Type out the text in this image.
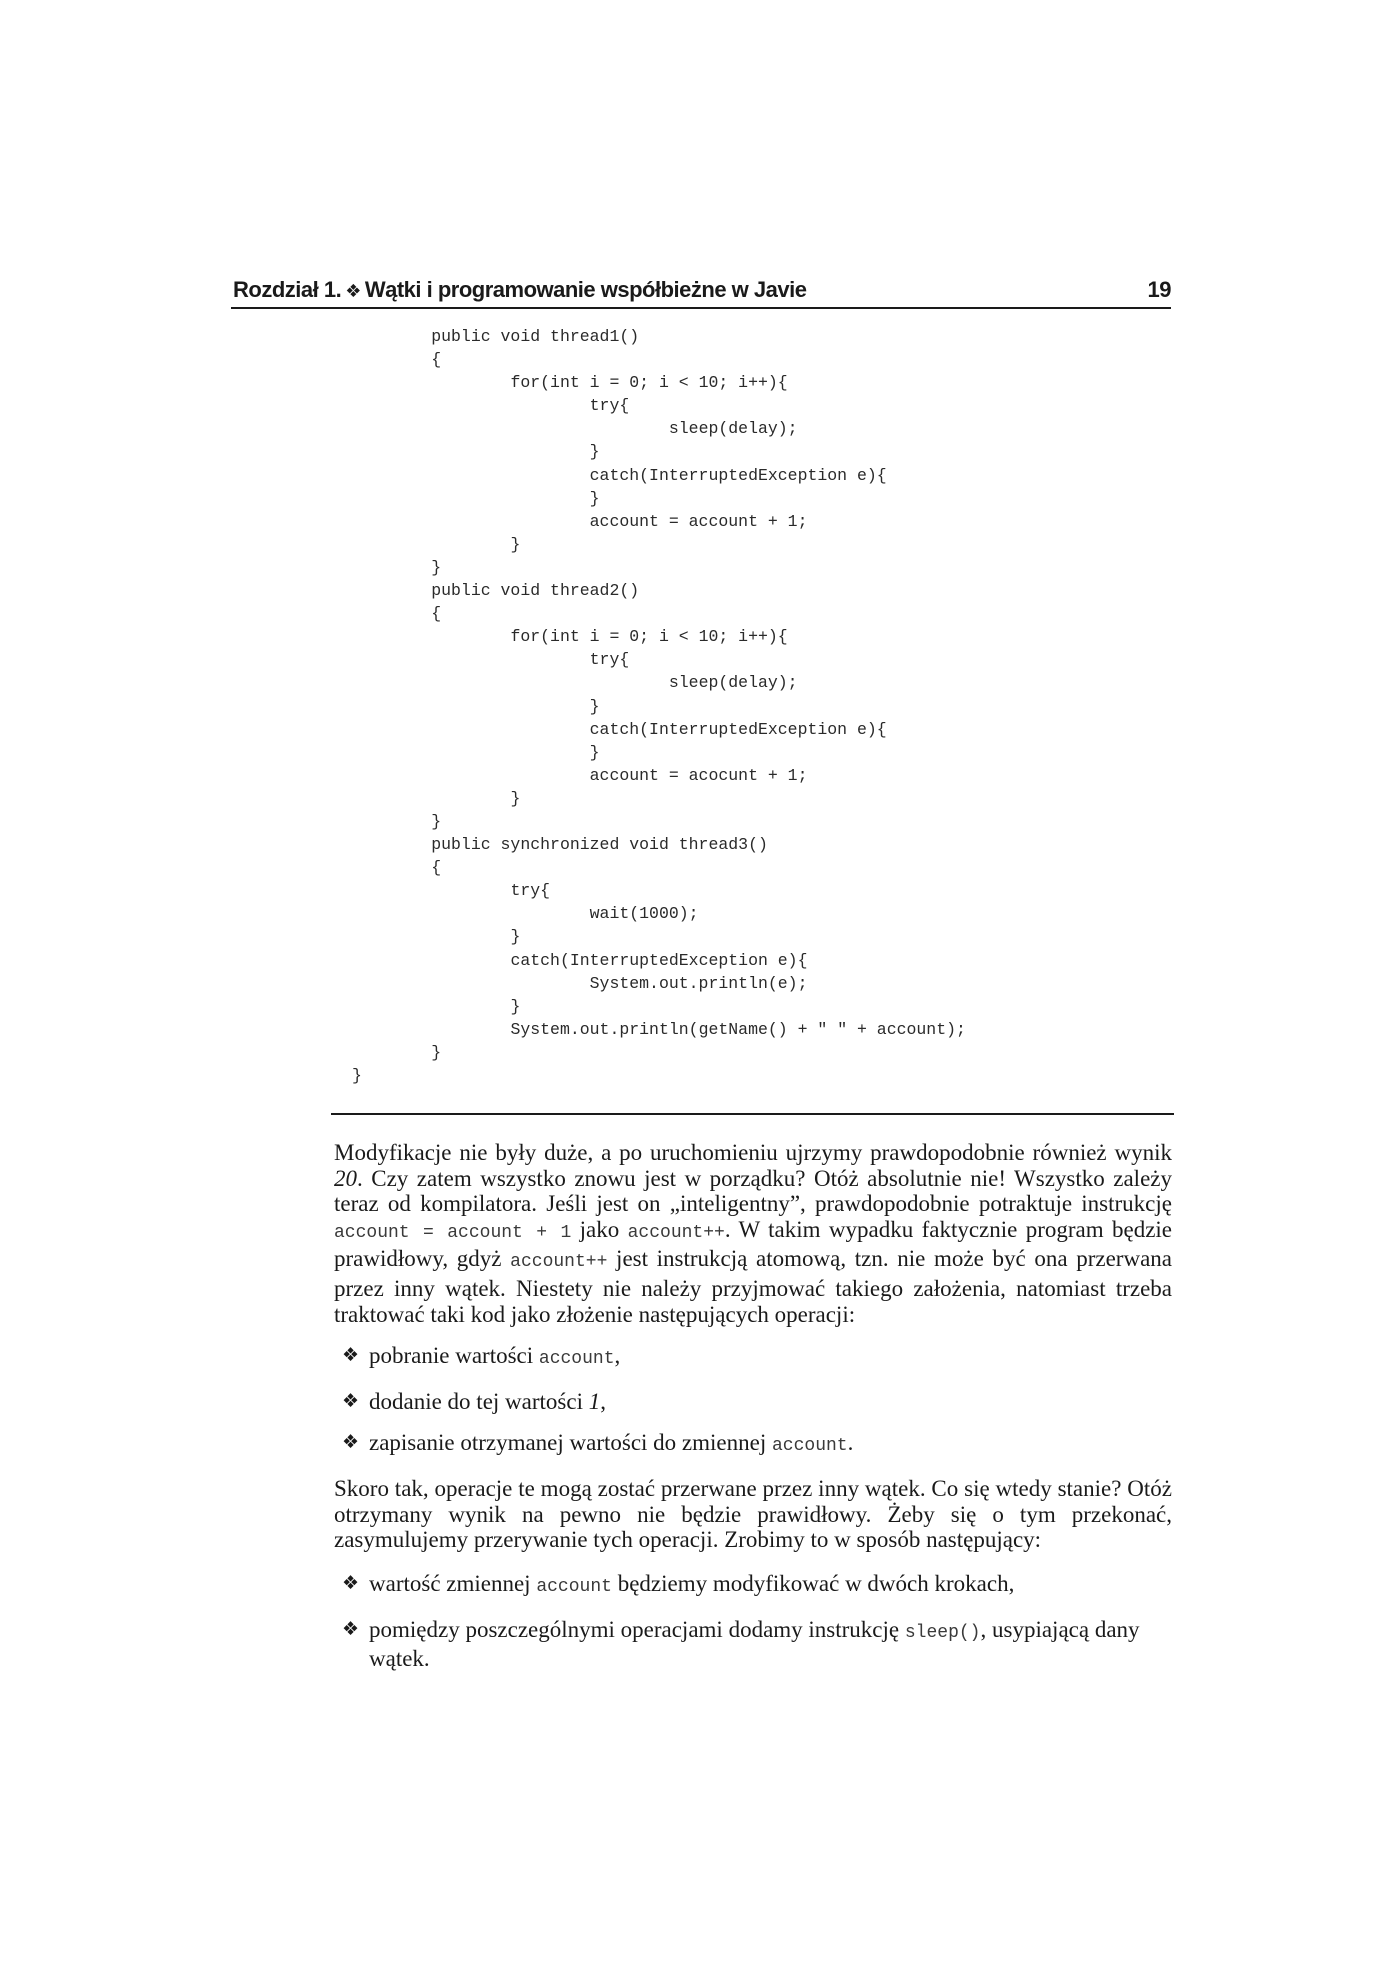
Rozdział 1. ❖ Wątki i programowanie współbieżne w Javie	19
	public void thread1()
	{
		for(int i = 0; i < 10; i++){
			try{
				sleep(delay);
			}
			catch(InterruptedException e){
			}
			account = account + 1;
		}
	}
	public void thread2()
	{
		for(int i = 0; i < 10; i++){
			try{
				sleep(delay);
			}
			catch(InterruptedException e){
			}
			account = acocunt + 1;
		}
	}
	public synchronized void thread3()
	{
		try{
			wait(1000);
		}
		catch(InterruptedException e){
			System.out.println(e);
		}
		System.out.println(getName() + " " + account);
	}
}

Modyfikacje nie były duże, a po uruchomieniu ujrzymy prawdopodobnie również wynik 20. Czy zatem wszystko znowu jest w porządku? Otóż absolutnie nie! Wszystko zależy teraz od kompilatora. Jeśli jest on „inteligentny”, prawdopodobnie potraktuje instrukcję account = account + 1 jako account++. W takim wypadku faktycznie program będzie prawidłowy, gdyż account++ jest instrukcją atomową, tzn. nie może być ona przerwana przez inny wątek. Niestety nie należy przyjmować takiego założenia, natomiast trzeba traktować taki kod jako złożenie następujących operacji:

❖ pobranie wartości account,
❖ dodanie do tej wartości 1,
❖ zapisanie otrzymanej wartości do zmiennej account.

Skoro tak, operacje te mogą zostać przerwane przez inny wątek. Co się wtedy stanie? Otóż otrzymany wynik na pewno nie będzie prawidłowy. Żeby się o tym przekonać, zasymulujemy przerywanie tych operacji. Zrobimy to w sposób następujący:

❖ wartość zmiennej account będziemy modyfikować w dwóch krokach,
❖ pomiędzy poszczególnymi operacjami dodamy instrukcję sleep(), usypiającą dany wątek.
